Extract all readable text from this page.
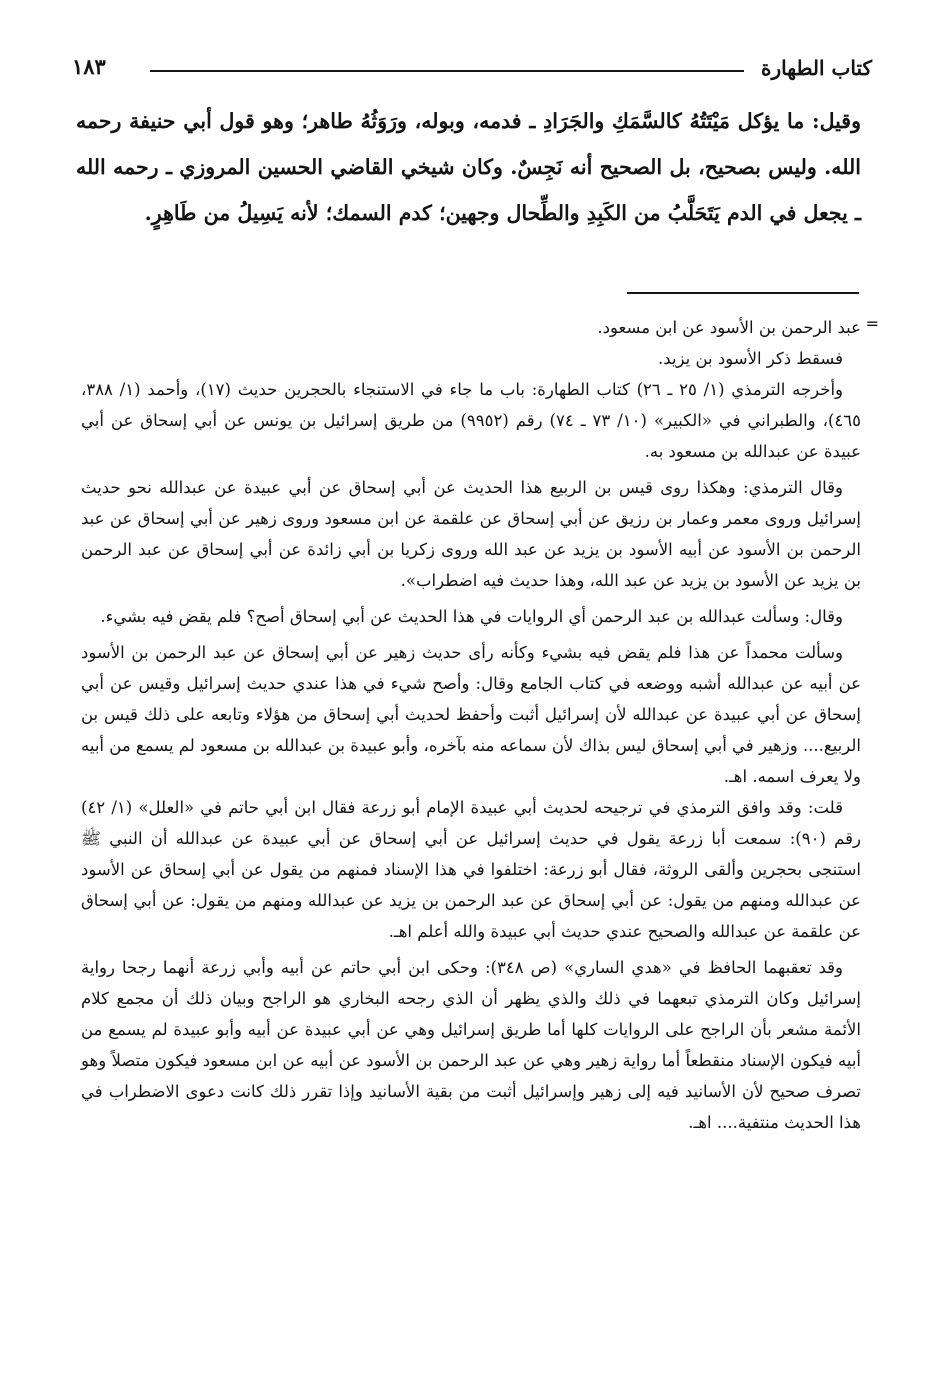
كتاب الطهارة
١٨٣
وقيل: ما يؤكل مَيْتَتُهُ كالسَّمَكِ والجَرَادِ ـ فدمه، وبوله، ورَوَثُهُ طاهر؛ وهو قول أبي حنيفة رحمه الله. وليس بصحيح، بل الصحيح أنه نَجِسٌ. وكان شيخي القاضي الحسين المروزي ـ رحمه الله ـ يجعل في الدم يَتَحَلَّبُ من الكَبِدِ والطِّحال وجهين؛ كدم السمك؛ لأنه يَسِيلُ من طَاهِرٍ.
=

عبد الرحمن بن الأسود عن ابن مسعود.

فسقط ذكر الأسود بن يزيد.

وأخرجه الترمذي (١/ ٢٥ ـ ٢٦) كتاب الطهارة: باب ما جاء في الاستنجاء بالحجرين حديث (١٧)، وأحمد (١/ ٣٨٨، ٤٦٥)، والطبراني في «الكبير» (١٠/ ٧٣ ـ ٧٤) رقم (٩٩٥٢) من طريق إسرائيل بن يونس عن أبي إسحاق عن أبي عبيدة عن عبدالله بن مسعود به.

وقال الترمذي: وهكذا روى قيس بن الربيع هذا الحديث عن أبي إسحاق عن أبي عبيدة عن عبدالله نحو حديث إسرائيل وروى معمر وعمار بن رزيق عن أبي إسحاق عن علقمة عن ابن مسعود وروى زهير عن أبي إسحاق عن عبد الرحمن بن الأسود عن أبيه الأسود بن يزيد عن عبد الله وروى زكريا بن أبي زائدة عن أبي إسحاق عن عبد الرحمن بن يزيد عن الأسود بن يزيد عن عبد الله، وهذا حديث فيه اضطراب».

وقال: وسألت عبدالله بن عبد الرحمن أي الروايات في هذا الحديث عن أبي إسحاق أصح؟ فلم يقض فيه بشيء.

وسألت محمداً عن هذا فلم يقض فيه بشيء وكأنه رأى حديث زهير عن أبي إسحاق عن عبد الرحمن بن الأسود عن أبيه عن عبدالله أشبه ووضعه في كتاب الجامع وقال: وأصح شيء في هذا عندي حديث إسرائيل وقيس عن أبي إسحاق عن أبي عبيدة عن عبدالله لأن إسرائيل أثبت وأحفظ لحديث أبي إسحاق من هؤلاء وتابعه على ذلك قيس بن الربيع.... وزهير في أبي إسحاق ليس بذاك لأن سماعه منه بآخره، وأبو عبيدة بن عبدالله بن مسعود لم يسمع من أبيه ولا يعرف اسمه. اهـ.

قلت: وقد وافق الترمذي في ترجيحه لحديث أبي عبيدة الإمام أبو زرعة فقال ابن أبي حاتم في «العلل» (١/ ٤٢) رقم (٩٠): سمعت أبا زرعة يقول في حديث إسرائيل عن أبي إسحاق عن أبي عبيدة عن عبدالله أن النبي ﷺ استنجى بحجرين وألقى الروثة، فقال أبو زرعة: اختلفوا في هذا الإسناد فمنهم من يقول عن أبي إسحاق عن الأسود عن عبدالله ومنهم من يقول: عن أبي إسحاق عن عبد الرحمن بن يزيد عن عبدالله ومنهم من يقول: عن أبي إسحاق عن علقمة عن عبدالله والصحيح عندي حديث أبي عبيدة والله أعلم اهـ.

وقد تعقبهما الحافظ في «هدي الساري» (ص ٣٤٨): وحكى ابن أبي حاتم عن أبيه وأبي زرعة أنهما رجحا رواية إسرائيل وكان الترمذي تبعهما في ذلك والذي يظهر أن الذي رجحه البخاري هو الراجح وبيان ذلك أن مجمع كلام الأئمة مشعر بأن الراجح على الروايات كلها أما طريق إسرائيل وهي عن أبي عبيدة عن أبيه وأبو عبيدة لم يسمع من أبيه فيكون الإسناد منقطعاً أما رواية زهير وهي عن عبد الرحمن بن الأسود عن أبيه عن ابن مسعود فيكون متصلاً وهو تصرف صحيح لأن الأسانيد فيه إلى زهير وإسرائيل أثبت من بقية الأسانيد وإذا تقرر ذلك كانت دعوى الاضطراب في هذا الحديث منتفية.... اهـ.
